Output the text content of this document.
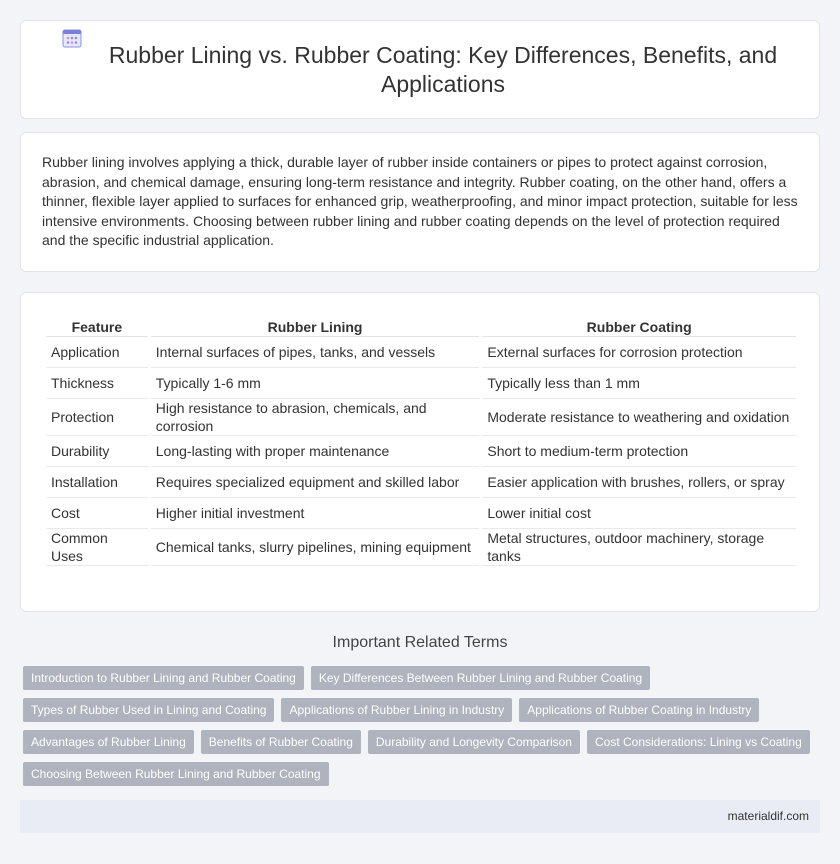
Rubber Lining vs. Rubber Coating: Key Differences, Benefits, and Applications

Rubber lining involves applying a thick, durable layer of rubber inside containers or pipes to protect against corrosion, abrasion, and chemical damage, ensuring long-term resistance and integrity. Rubber coating, on the other hand, offers a thinner, flexible layer applied to surfaces for enhanced grip, weatherproofing, and minor impact protection, suitable for less intensive environments. Choosing between rubber lining and rubber coating depends on the level of protection required and the specific industrial application.

Feature	Rubber Lining	Rubber Coating
Application	Internal surfaces of pipes, tanks, and vessels	External surfaces for corrosion protection
Thickness	Typically 1-6 mm	Typically less than 1 mm
Protection	High resistance to abrasion, chemicals, and corrosion	Moderate resistance to weathering and oxidation
Durability	Long-lasting with proper maintenance	Short to medium-term protection
Installation	Requires specialized equipment and skilled labor	Easier application with brushes, rollers, or spray
Cost	Higher initial investment	Lower initial cost
Common Uses	Chemical tanks, slurry pipelines, mining equipment	Metal structures, outdoor machinery, storage tanks
Important Related Terms
Introduction to Rubber Lining and Rubber Coating	Key Differences Between Rubber Lining and Rubber Coating
Types of Rubber Used in Lining and Coating	Applications of Rubber Lining in Industry	Applications of Rubber Coating in Industry
Advantages of Rubber Lining	Benefits of Rubber Coating	Durability and Longevity Comparison	Cost Considerations: Lining vs Coating
Choosing Between Rubber Lining and Rubber Coating
materialdif.com
